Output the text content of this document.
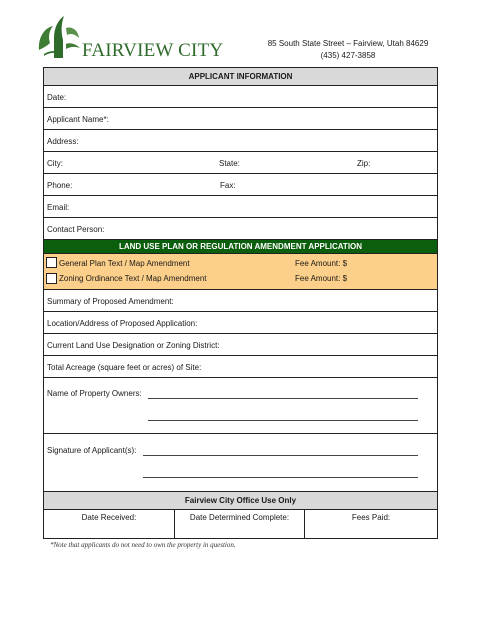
FAIRVIEW CITY	85 South State Street – Fairview, Utah 84629
(435) 427-3858
APPLICANT INFORMATION
Date:
Applicant Name*:
Address:
City:	State:	Zip:
Phone:	Fax:
Email:
Contact Person:
LAND USE PLAN OR REGULATION AMENDMENT APPLICATION
General Plan Text / Map Amendment	Fee Amount: $
Zoning Ordinance Text / Map Amendment	Fee Amount: $
Summary of Proposed Amendment:
Location/Address of Proposed Application:
Current Land Use Designation or Zoning District:
Total Acreage (square feet or acres) of Site:
Name of Property Owners:
Signature of Applicant(s):
Fairview City Office Use Only
Date Received:	Date Determined Complete:	Fees Paid:
*Note that applicants do not need to own the property in question.
